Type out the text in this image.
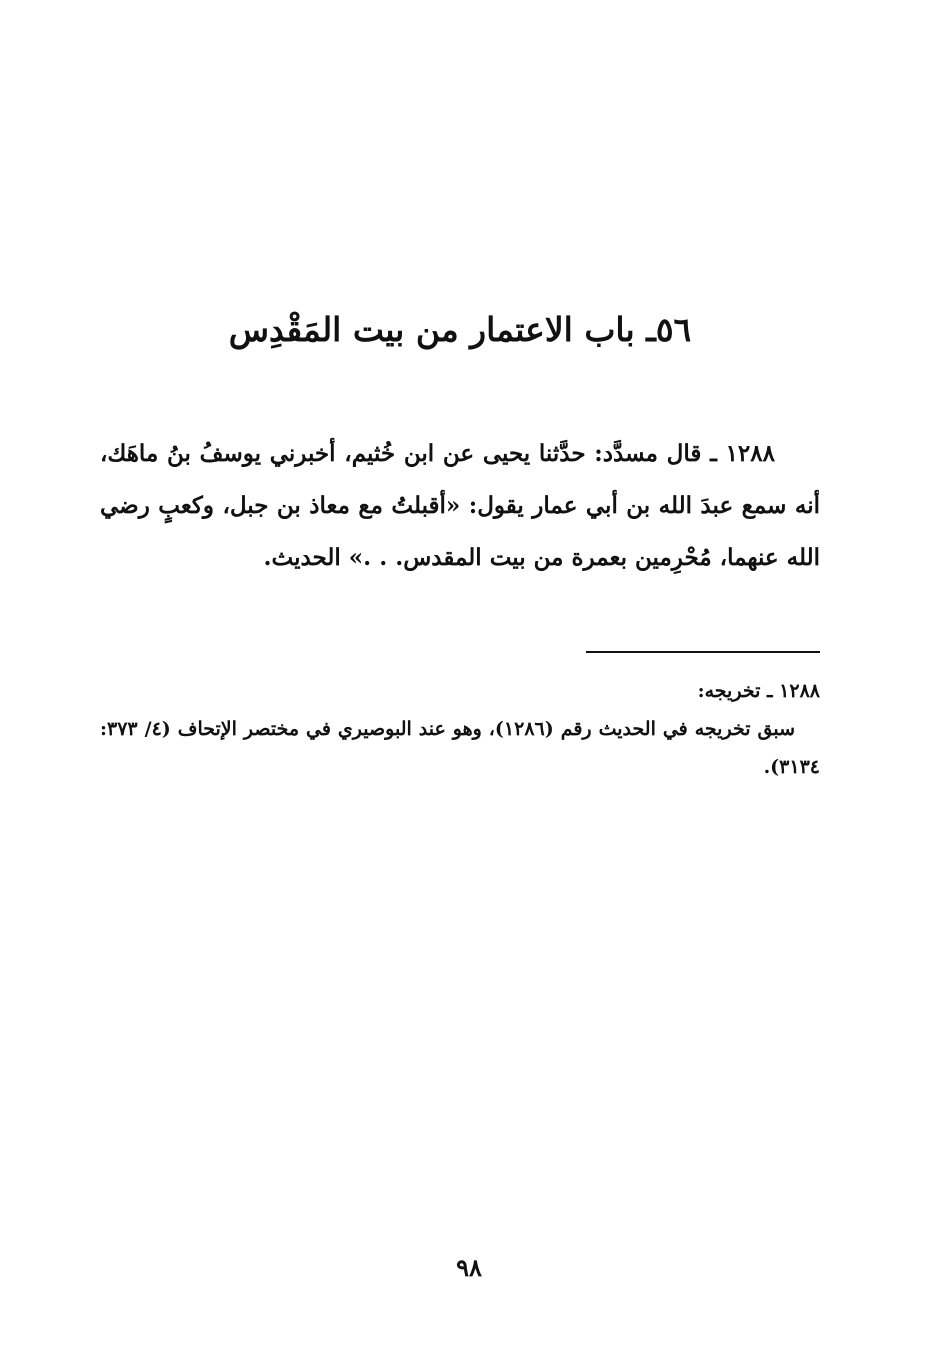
٥٦ـ باب الاعتمار من بيت المَقْدِس

١٢٨٨ ـ قال مسدَّد: حدَّثنا يحيى عن ابن خُثيم، أخبرني يوسفُ بنُ ماهَك، أنه سمع عبدَ الله بن أبي عمار يقول: «أقبلتُ مع معاذ بن جبل، وكعبٍ رضي الله عنهما، مُحْرِمين بعمرة من بيت المقدس. . .» الحديث.

١٢٨٨ ـ تخريجه:

سبق تخريجه في الحديث رقم (١٢٨٦)، وهو عند البوصيري في مختصر الإتحاف (٤/ ٣٧٣: ٣١٣٤).

٩٨
